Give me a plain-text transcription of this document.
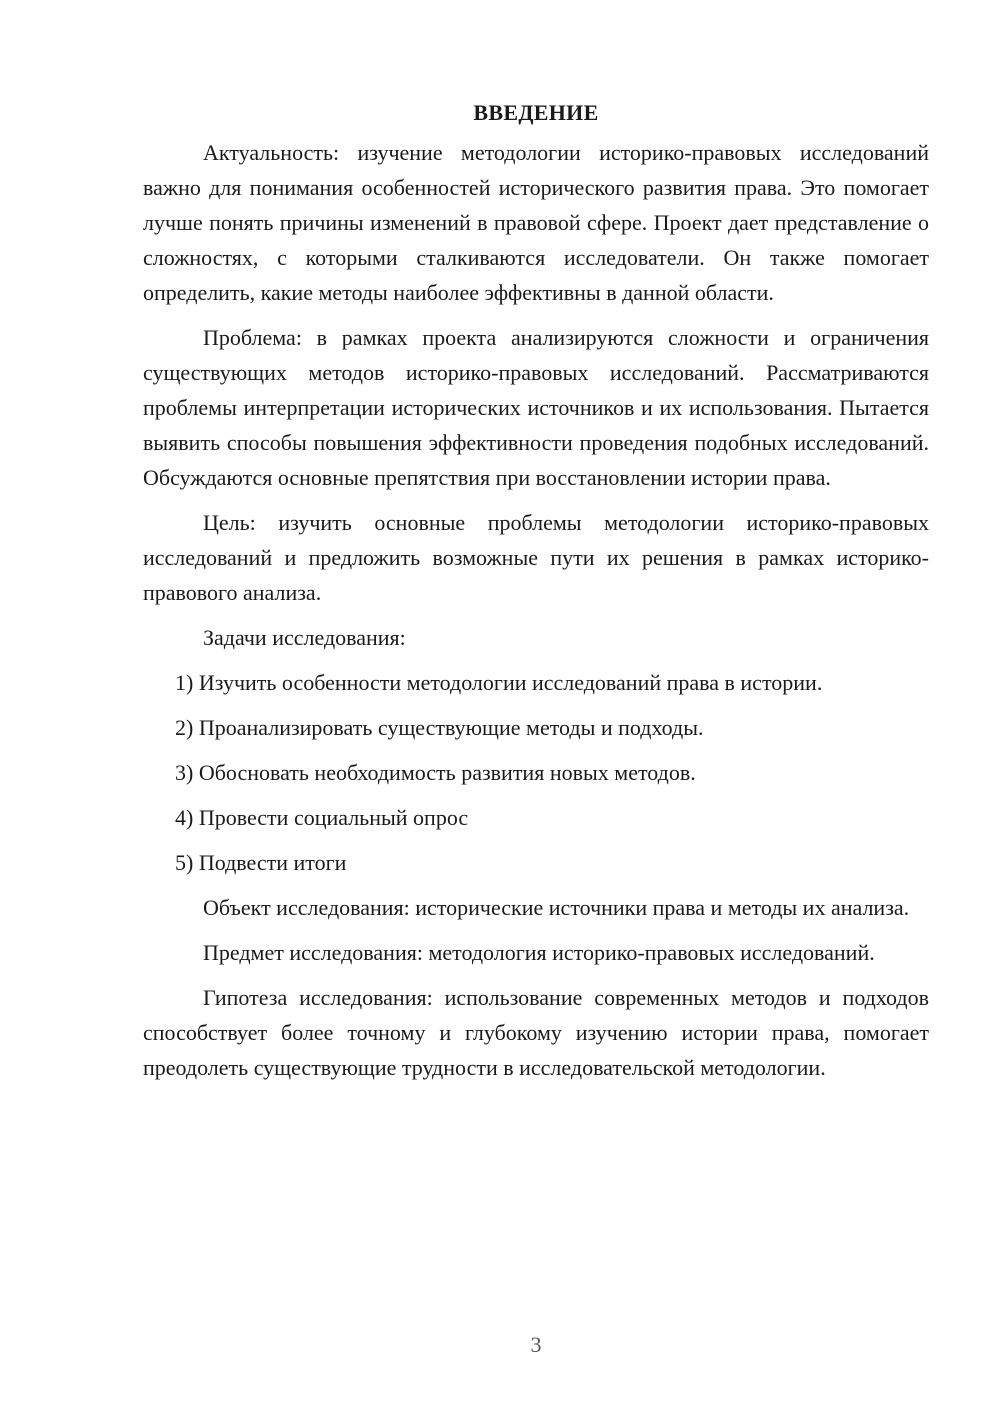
ВВЕДЕНИЕ

Актуальность: изучение методологии историко-правовых исследований важно для понимания особенностей исторического развития права. Это помогает лучше понять причины изменений в правовой сфере. Проект дает представление о сложностях, с которыми сталкиваются исследователи. Он также помогает определить, какие методы наиболее эффективны в данной области.

Проблема: в рамках проекта анализируются сложности и ограничения существующих методов историко-правовых исследований. Рассматриваются проблемы интерпретации исторических источников и их использования. Пытается выявить способы повышения эффективности проведения подобных исследований. Обсуждаются основные препятствия при восстановлении истории права.

Цель: изучить основные проблемы методологии историко-правовых исследований и предложить возможные пути их решения в рамках историко-правового анализа.

Задачи исследования:

1) Изучить особенности методологии исследований права в истории.

2) Проанализировать существующие методы и подходы.

3) Обосновать необходимость развития новых методов.

4) Провести социальный опрос

5) Подвести итоги

Объект исследования: исторические источники права и методы их анализа.

Предмет исследования: методология историко-правовых исследований.

Гипотеза исследования: использование современных методов и подходов способствует более точному и глубокому изучению истории права, помогает преодолеть существующие трудности в исследовательской методологии.

3
